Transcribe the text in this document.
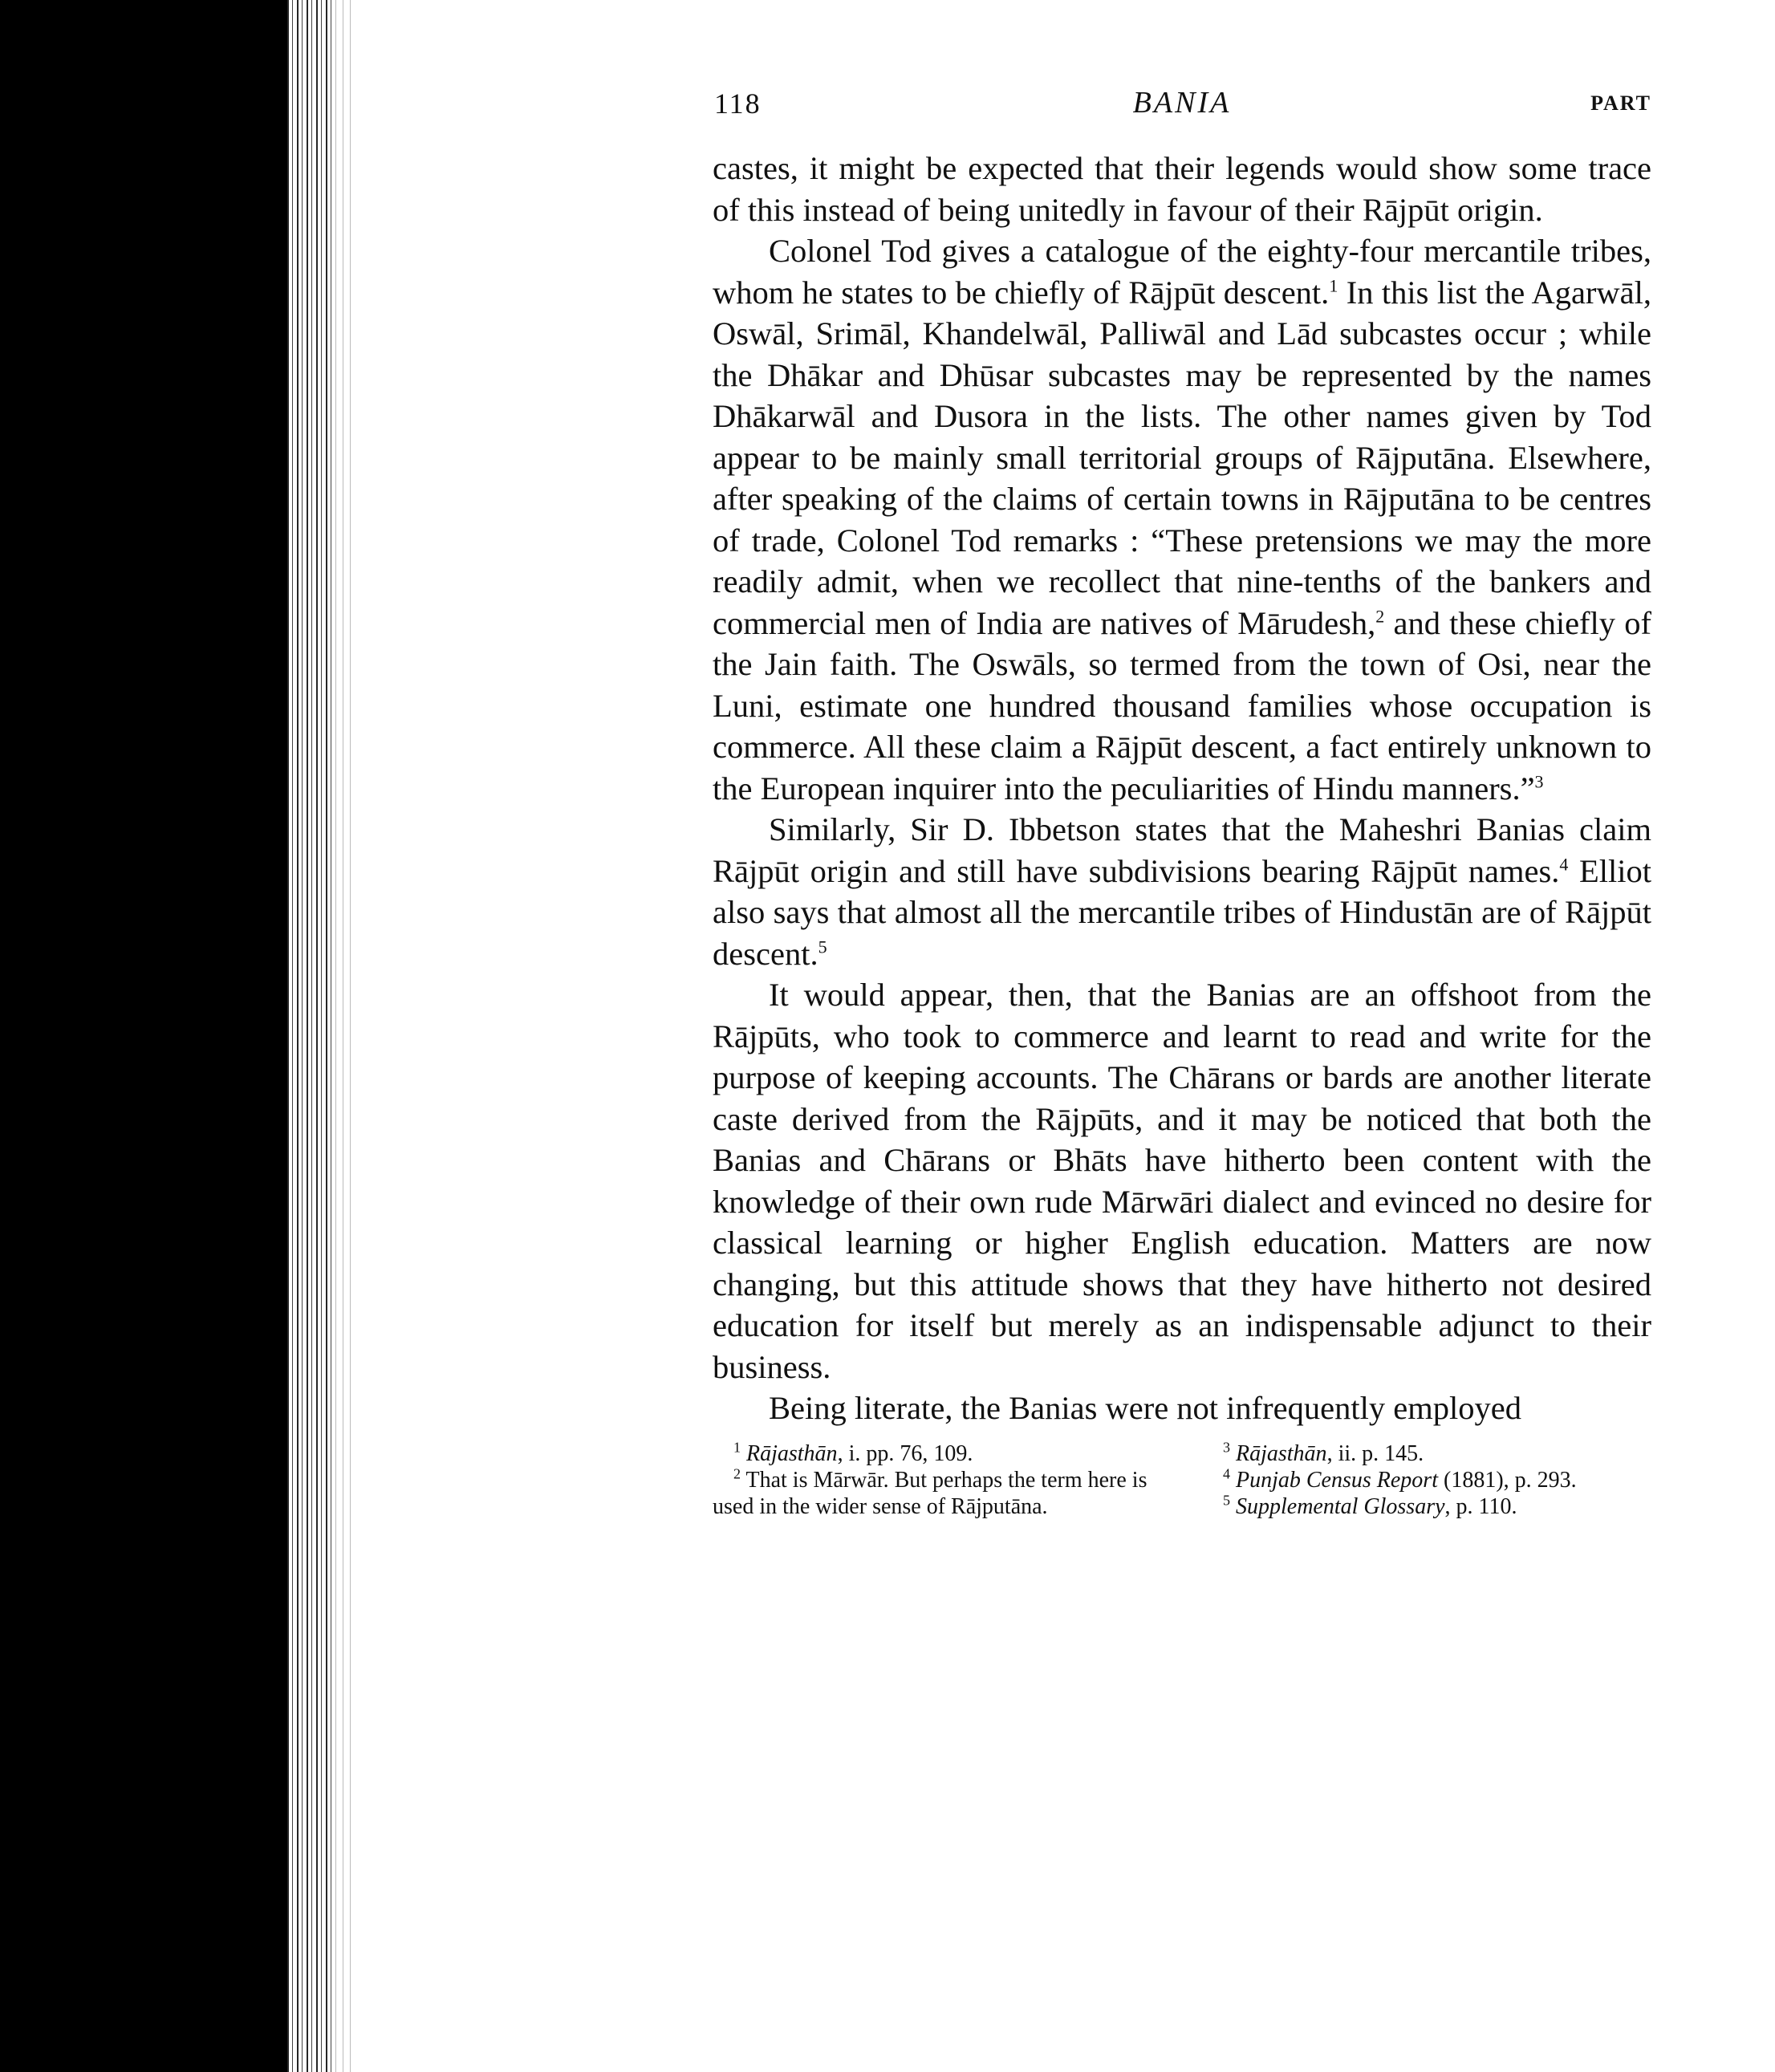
118	BANIA	PART

castes, it might be expected that their legends would show some trace of this instead of being unitedly in favour of their Rājpūt origin.

Colonel Tod gives a catalogue of the eighty-four mercantile tribes, whom he states to be chiefly of Rājpūt descent.$^1$ In this list the Agarwāl, Oswāl, Srimāl, Khandelwāl, Palliwāl and Lād subcastes occur ; while the Dhākar and Dhūsar subcastes may be represented by the names Dhākarwāl and Dusora in the lists. The other names given by Tod appear to be mainly small territorial groups of Rājputāna. Elsewhere, after speaking of the claims of certain towns in Rājputāna to be centres of trade, Colonel Tod remarks : “These pretensions we may the more readily admit, when we recollect that nine-tenths of the bankers and commercial men of India are natives of Mārudesh,$^2$ and these chiefly of the Jain faith. The Oswāls, so termed from the town of Osi, near the Luni, estimate one hundred thousand families whose occupation is commerce. All these claim a Rājpūt descent, a fact entirely unknown to the European inquirer into the peculiarities of Hindu manners.”$^3$

Similarly, Sir D. Ibbetson states that the Maheshri Banias claim Rājpūt origin and still have subdivisions bearing Rājpūt names.$^4$ Elliot also says that almost all the mercantile tribes of Hindustān are of Rājpūt descent.$^5$

It would appear, then, that the Banias are an offshoot from the Rājpūts, who took to commerce and learnt to read and write for the purpose of keeping accounts. The Chārans or bards are another literate caste derived from the Rājpūts, and it may be noticed that both the Banias and Chārans or Bhāts have hitherto been content with the knowledge of their own rude Mārwāri dialect and evinced no desire for classical learning or higher English education. Matters are now changing, but this attitude shows that they have hitherto not desired education for itself but merely as an indispensable adjunct to their business.

Being literate, the Banias were not infrequently employed

$^1$ Rājasthān, i. pp. 76, 109.

$^2$ That is Mārwār. But perhaps the term here is used in the wider sense of Rājputāna.

$^3$ Rājasthān, ii. p. 145.

$^4$ Punjab Census Report (1881), p. 293.

$^5$ Supplemental Glossary, p. 110.
